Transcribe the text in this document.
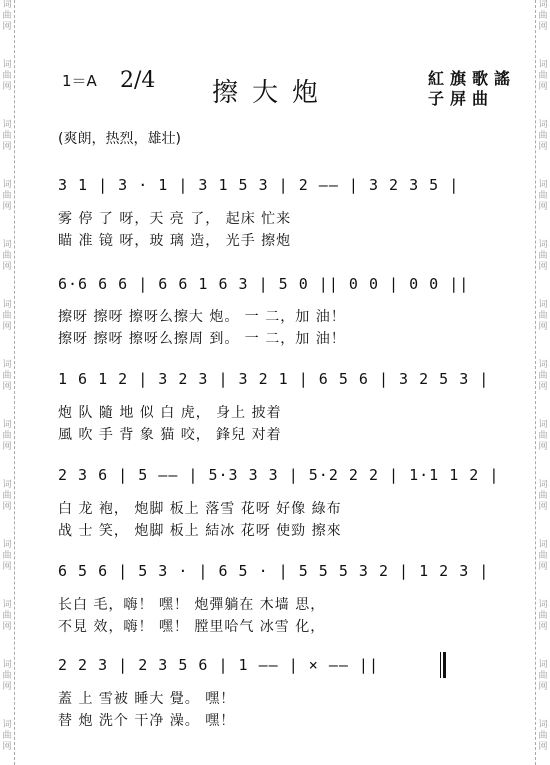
词曲网
词曲网
词曲网
词曲网
词曲网
词曲网
词曲网
词曲网
词曲网
词曲网
词曲网
词曲网
词曲网
词曲网
词曲网
词曲网
词曲网
词曲网
词曲网
词曲网
词曲网
词曲网
词曲网
词曲网
词曲网
词曲网
1＝A 2/4 擦大炮	紅旗歌謠
子屏曲
(爽朗，热烈，雄壮)
3 1 | 3 · 1 | 3 1 5 3 | 2 —— | 3 2 3 5 |
雾 停 了 呀，天 亮 了， 起床 忙来
瞄 准 镜 呀，玻 璃 造， 光手 擦炮
6·6 6 6 | 6 6 1 6 3 | 5 0 || 0 0 | 0 0 ||
擦呀 擦呀 擦呀么擦大 炮。 一 二，加 油！
擦呀 擦呀 擦呀么擦周 到。 一 二，加 油！
1 6 1 2 | 3 2 3 | 3 2 1 | 6 5 6 | 3 2 5 3 |
炮 队 隨 地 似 白 虎， 身上 披着
風 吹 手 背 象 猫 咬， 鋒兒 对着
2 3 6 | 5 —— | 5·3 3 3 | 5·2 2 2 | 1·1 1 2 |
白 龙 袍， 炮脚 板上 落雪 花呀 好像 綠布
战 士 笑， 炮脚 板上 結冰 花呀 使勁 擦來
6 5 6 | 5 3 · | 6 5 · | 5 5 5 3 2 | 1 2 3 |
长白 毛，嗨！ 嘿！ 炮彈躺在 木墙 思，
不見 效，嗨！ 嘿！ 膛里哈气 冰雪 化，
2 2 3 | 2 3 5 6 | 1 —— | × —— ||
蓋 上 雪被 睡大 覺。 嘿！
替 炮 洗个 干净 澡。 嘿！
